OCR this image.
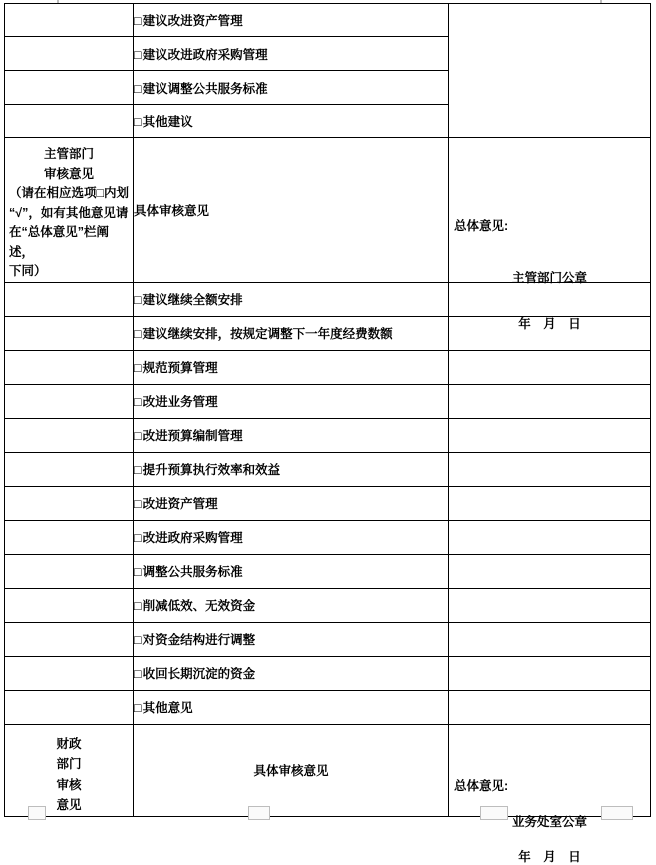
	□建议改进资产管理	
	□建议改进政府采购管理	
	□建议调整公共服务标准	
	□其他建议	

主管部门
审核意见
（请在相应选项□内划
“√”，如有其他意见请
在“总体意见”栏阐述，
下同）
	具体审核意见	
总体意见:
主管部门公章
年　月　日

	□建议继续全额安排	
	□建议继续安排，按规定调整下一年度经费数额	
	□规范预算管理	
	□改进业务管理	
	□改进预算编制管理	
	□提升预算执行效率和效益	
	□改进资产管理	
	□改进政府采购管理	
	□调整公共服务标准	
	□削减低效、无效资金	
	□对资金结构进行调整	
	□收回长期沉淀的资金	
	□其他意见	

财政
部门
审核
意见
	具体审核意见	
总体意见:
业务处室公章
年　月　日
